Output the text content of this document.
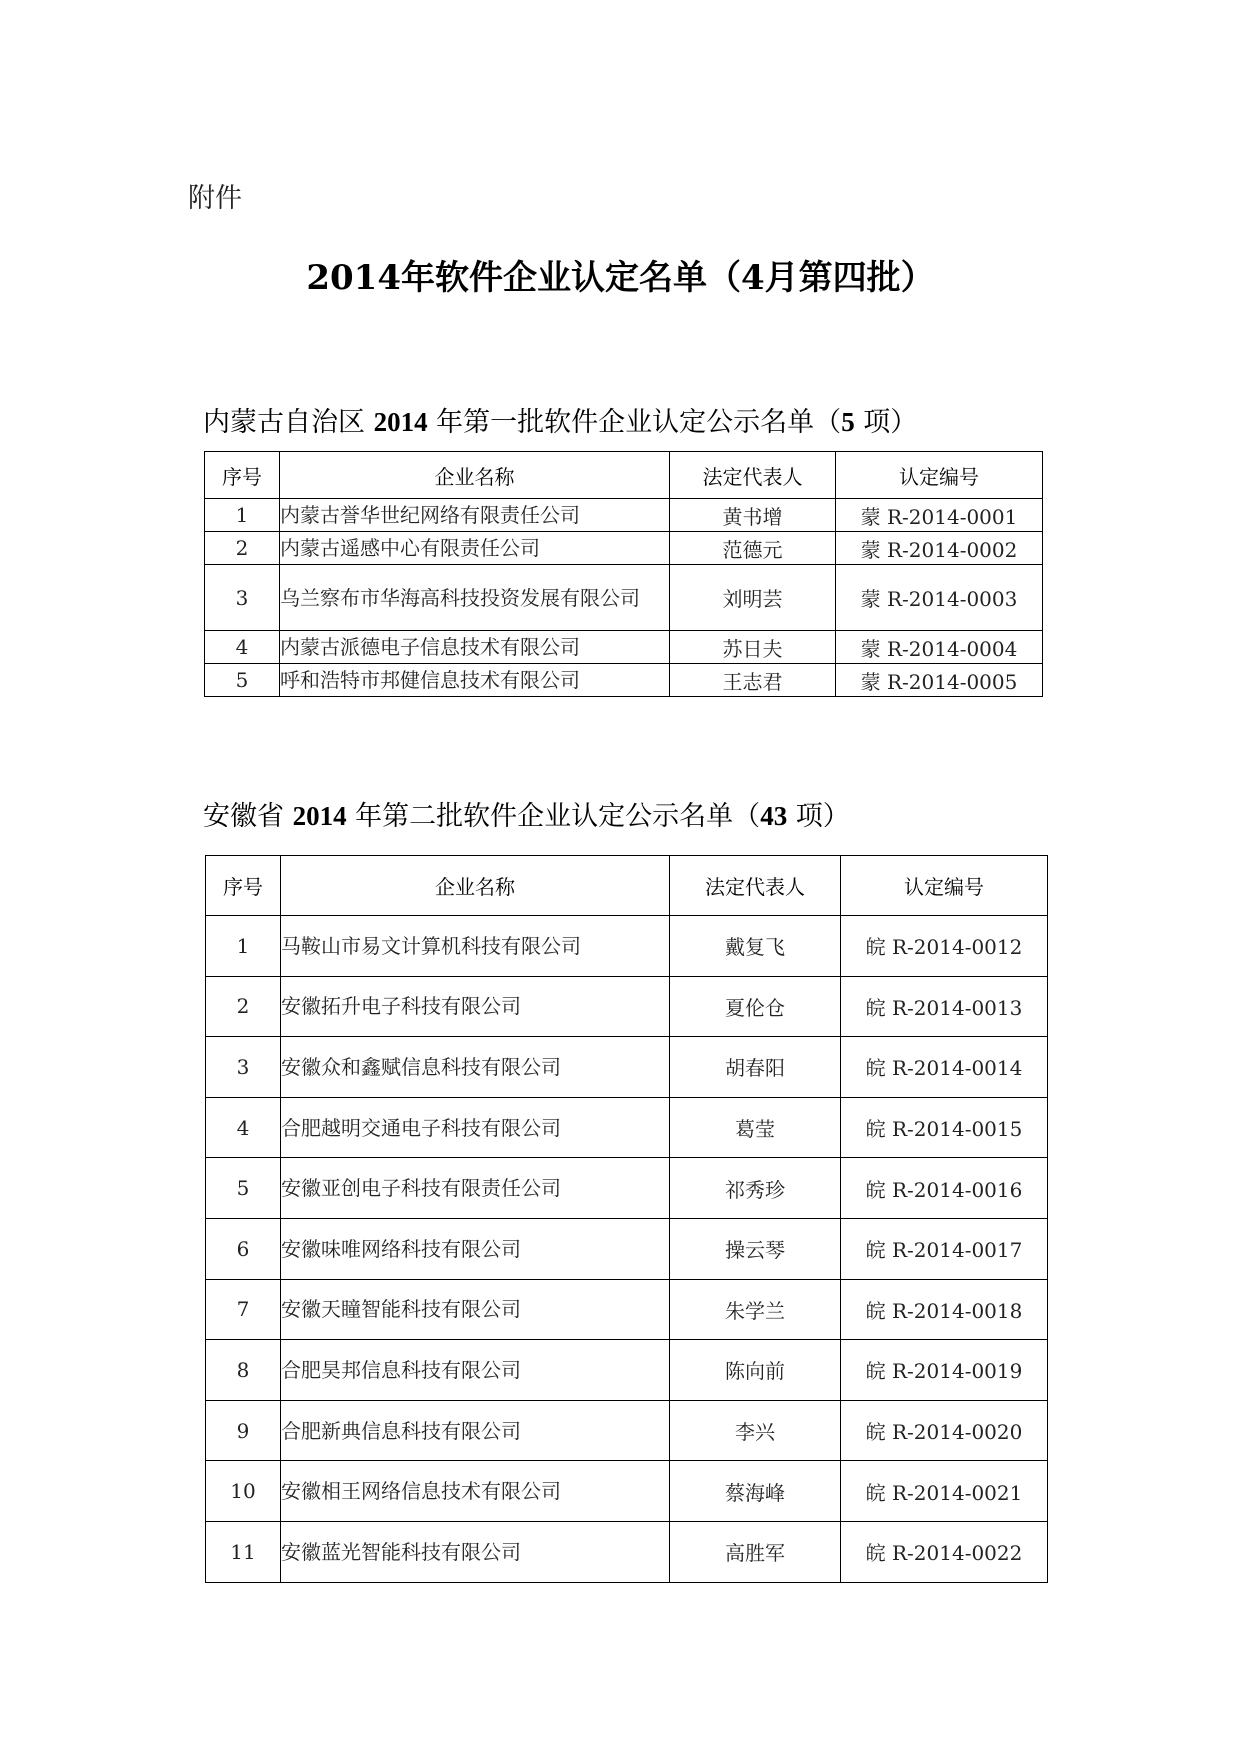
附件
2014年软件企业认定名单（4月第四批）
内蒙古自治区 2014 年第一批软件企业认定公示名单（5 项）
序号	企业名称	法定代表人	认定编号
1	内蒙古誉华世纪网络有限责任公司	黄书增	蒙 R-2014-0001
2	内蒙古遥感中心有限责任公司	范德元	蒙 R-2014-0002
3	乌兰察布市华海高科技投资发展有限公司	刘明芸	蒙 R-2014-0003
4	内蒙古派德电子信息技术有限公司	苏日夫	蒙 R-2014-0004
5	呼和浩特市邦健信息技术有限公司	王志君	蒙 R-2014-0005
安徽省 2014 年第二批软件企业认定公示名单（43 项）
序号	企业名称	法定代表人	认定编号
1	马鞍山市易文计算机科技有限公司	戴复飞	皖 R-2014-0012
2	安徽拓升电子科技有限公司	夏伦仓	皖 R-2014-0013
3	安徽众和鑫赋信息科技有限公司	胡春阳	皖 R-2014-0014
4	合肥越明交通电子科技有限公司	葛莹	皖 R-2014-0015
5	安徽亚创电子科技有限责任公司	祁秀珍	皖 R-2014-0016
6	安徽味唯网络科技有限公司	操云琴	皖 R-2014-0017
7	安徽天瞳智能科技有限公司	朱学兰	皖 R-2014-0018
8	合肥昊邦信息科技有限公司	陈向前	皖 R-2014-0019
9	合肥新典信息科技有限公司	李兴	皖 R-2014-0020
10	安徽相王网络信息技术有限公司	蔡海峰	皖 R-2014-0021
11	安徽蓝光智能科技有限公司	高胜军	皖 R-2014-0022
